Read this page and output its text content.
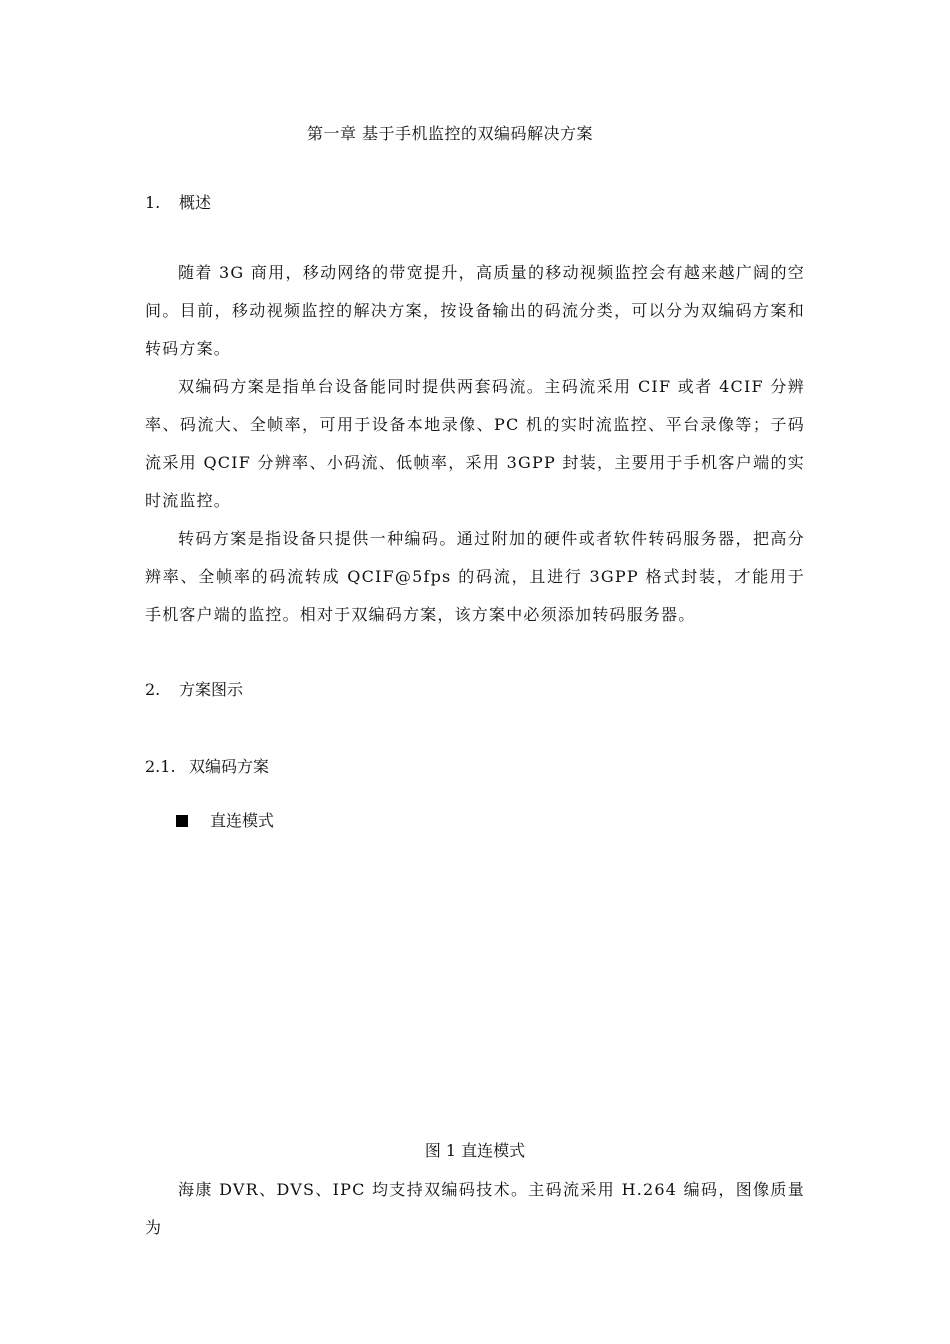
第一章 基于手机监控的双编码解决方案
1. 概述

随着 3G 商用，移动网络的带宽提升，高质量的移动视频监控会有越来越广阔的空间。目前，移动视频监控的解决方案，按设备输出的码流分类，可以分为双编码方案和转码方案。

双编码方案是指单台设备能同时提供两套码流。主码流采用 CIF 或者 4CIF 分辨率、码流大、全帧率，可用于设备本地录像、PC 机的实时流监控、平台录像等；子码流采用 QCIF 分辨率、小码流、低帧率，采用 3GPP 封装，主要用于手机客户端的实时流监控。

转码方案是指设备只提供一种编码。通过附加的硬件或者软件转码服务器，把高分辨率、全帧率的码流转成 QCIF@5fps 的码流，且进行 3GPP 格式封装，才能用于手机客户端的监控。相对于双编码方案，该方案中必须添加转码服务器。

2. 方案图示
2.1. 双编码方案
直连模式
图 1 直连模式

海康 DVR、DVS、IPC 均支持双编码技术。主码流采用 H.264 编码，图像质量为
